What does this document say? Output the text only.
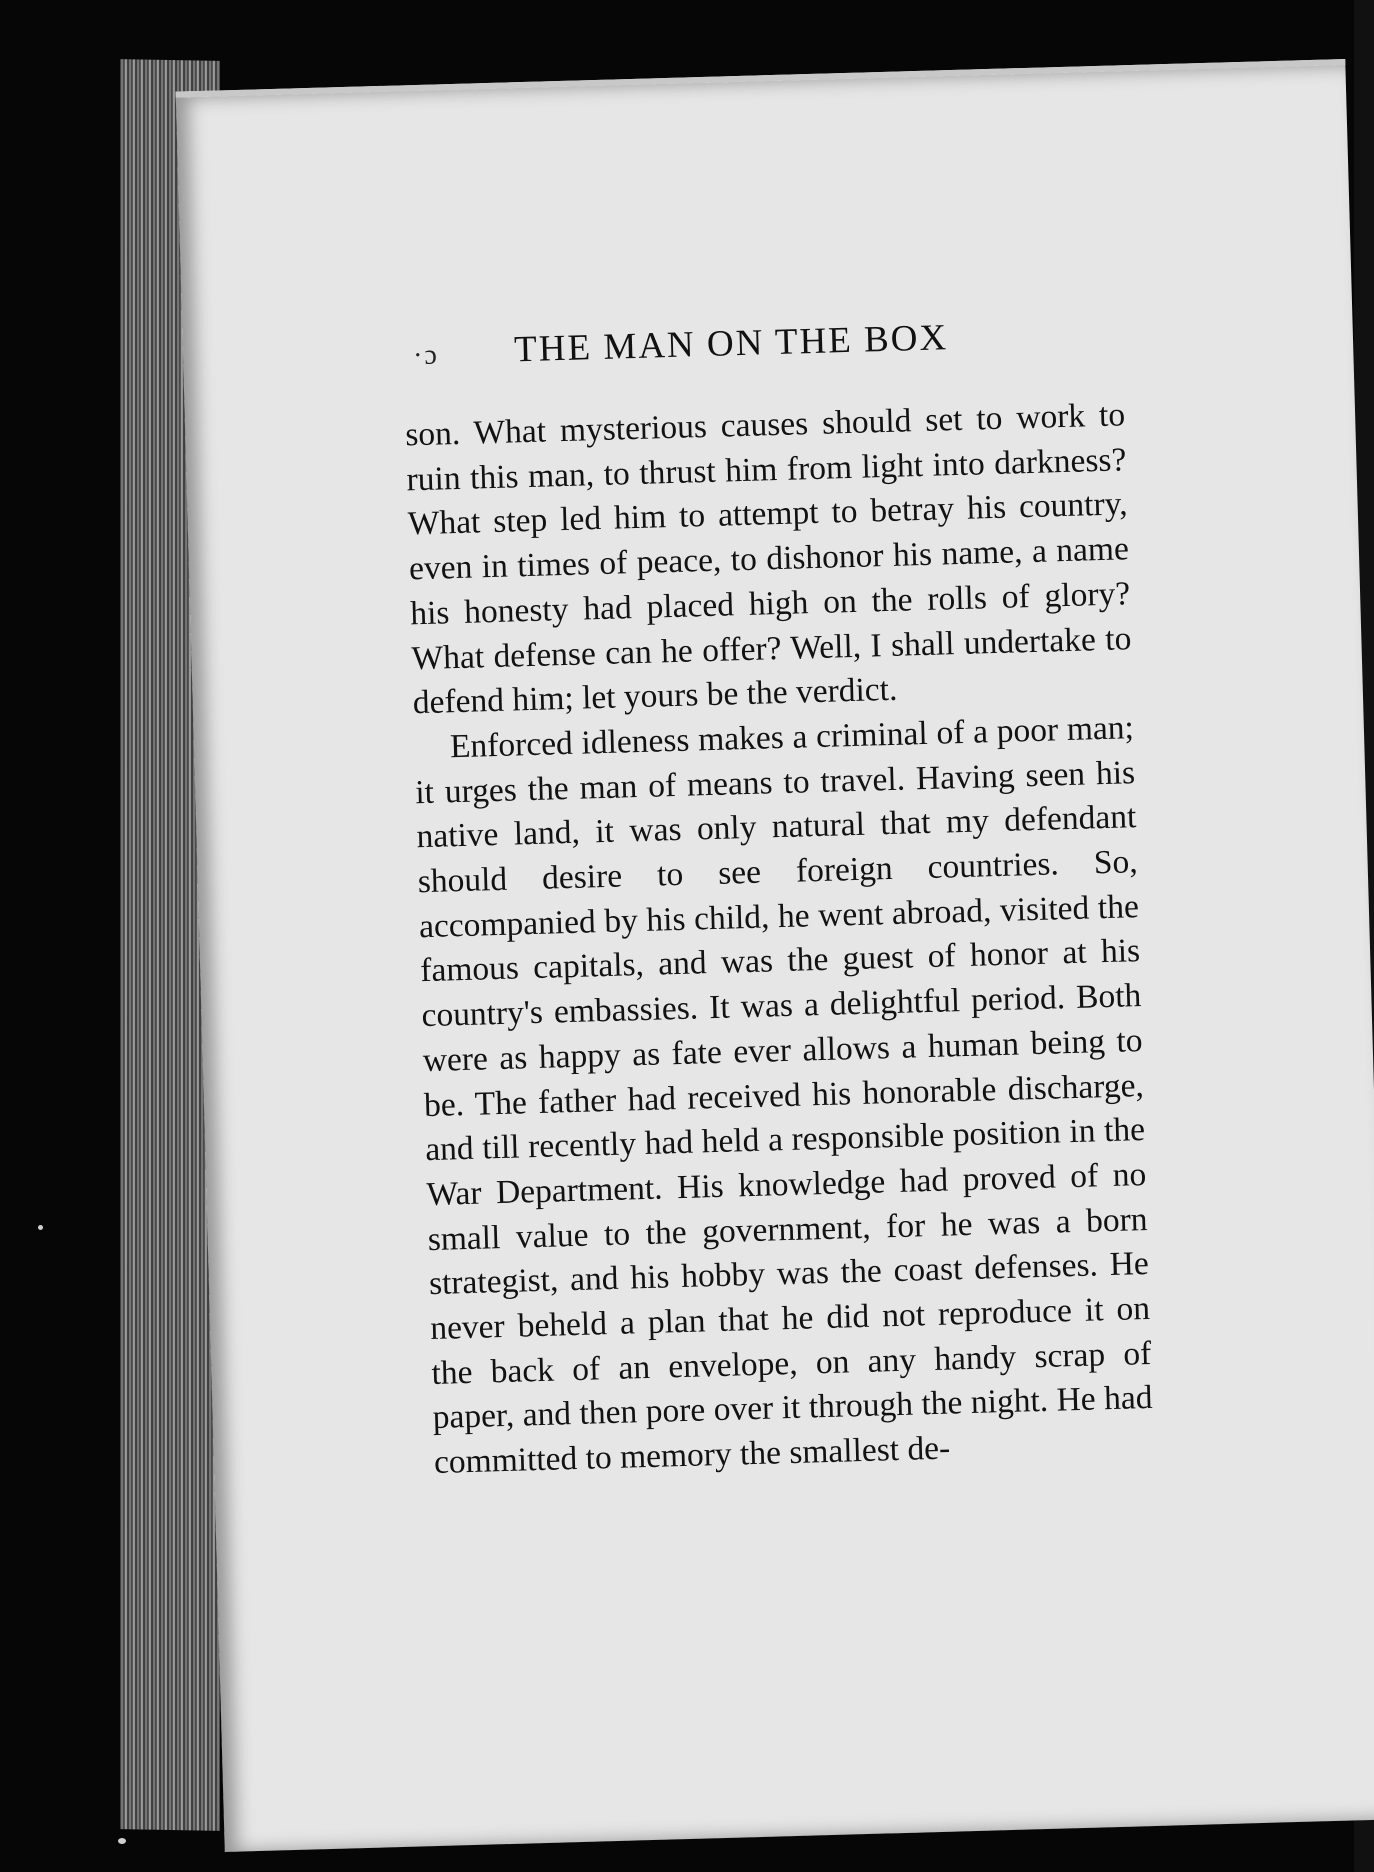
·ɔ THE MAN ON THE BOX

son. What mysterious causes should set to work to ruin this man, to thrust him from light into darkness? What step led him to attempt to betray his country, even in times of peace, to dishonor his name, a name his honesty had placed high on the rolls of glory? What defense can he offer? Well, I shall undertake to defend him; let yours be the verdict.

Enforced idleness makes a criminal of a poor man; it urges the man of means to travel. Having seen his native land, it was only natural that my defendant should desire to see foreign countries. So, accompanied by his child, he went abroad, visited the famous capitals, and was the guest of honor at his country's embassies. It was a delightful period. Both were as happy as fate ever allows a human being to be. The father had received his honorable discharge, and till recently had held a responsible position in the War Department. His knowledge had proved of no small value to the government, for he was a born strategist, and his hobby was the coast defenses. He never beheld a plan that he did not reproduce it on the back of an envelope, on any handy scrap of paper, and then pore over it through the night. He had committed to memory the smallest de-
